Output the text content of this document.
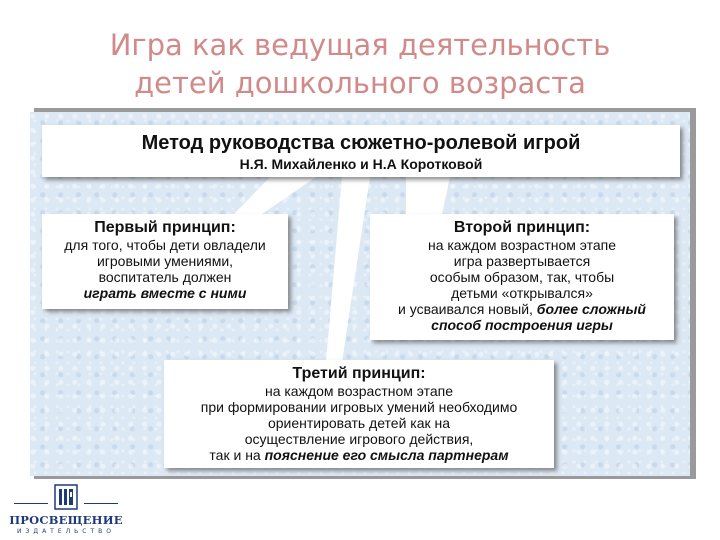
Игра как ведущая деятельность
детей дошкольного возраста
Метод руководства сюжетно-ролевой игрой
Н.Я. Михайленко и Н.А Коротковой
Первый принцип:
для того, чтобы дети овладели
игровыми умениями,
воспитатель должен
играть вместе с ними
Второй принцип:
на каждом возрастном этапе
игра развертывается
особым образом, так, чтобы
детьми «открывался»
и усваивался новый, более сложный
способ построения игры
Третий принцип:
на каждом возрастном этапе
при формировании игровых умений необходимо
ориентировать детей как на
осуществление игрового действия,
так и на пояснение его смысла партнерам
ПРОСВЕЩЕНИЕ
ИЗДАТЕЛЬСТВО
